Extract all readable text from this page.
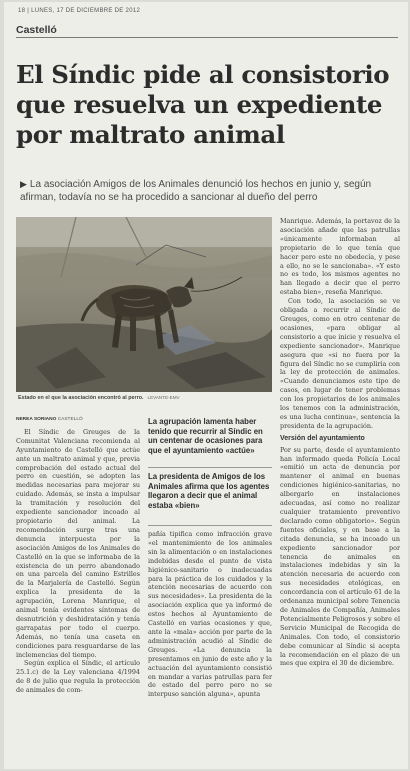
18 | LUNES, 17 DE DICIEMBRE DE 2012
Castelló
El Síndic pide al consistorio
que resuelva un expediente
por maltrato animal
▶ La asociación Amigos de los Animales denunció los hechos en junio y, según afirman, todavía no se ha procedido a sancionar al dueño del perro
Estado en el que la asociación encontró al perro. LEVANTE-EMV
NEREA SORIANO CASTELLÓ

El Síndic de Greuges de la Comunitat Valenciana recomienda al Ayuntamiento de Castelló que actúe ante un maltrato animal y que, previa comprobación del estado actual del perro en cuestión, se adopten las medidas necesarias para mejorar su cuidado. Además, se insta a impulsar la tramitación y resolución del expediente sancionador incoado al propietario del animal. La recomendación surge tras una denuncia interpuesta por la asociación Amigos de los Animales de Castelló en la que se informaba de la existencia de un perro abandonado en una parcela del camino Estrilles de la Marjalería de Castelló. Según explica la presidenta de la agrupación, Lorena Manrique, el animal tenía evidentes síntomas de desnutrición y deshidratación y tenía garrapatas por todo el cuerpo. Además, no tenía una caseta en condiciones para resguardarse de las inclemencias del tiempo.

Según explica el Síndic, el artículo 25.1.c) de la Ley valenciana 4/1994 de 8 de julio que regula la protección de animales de com-

La agrupación lamenta haber tenido que recurrir al Síndic en un centenar de ocasiones para que el ayuntamiento «actúe»
La presidenta de Amigos de los Animales afirma que los agentes llegaron a decir que el animal estaba «bien»

pañía tipifica como infracción grave «el mantenimiento de los animales sin la alimentación o en instalaciones indebidas desde el punto de vista higiénico-sanitario o inadecuadas para la práctica de los cuidados y la atención necesarias de acuerdo con sus necesidades». La presidenta de la asociación explica que ya informó de estos hechos al Ayuntamiento de Castelló en varias ocasiones y que, ante la «mala» acción por parte de la administración acudió al Síndic de Greuges. «La denuncia la presentamos en junio de este año y la actuación del ayuntamiento consistió en mandar a varias patrullas para fer de estado del perro pero no se interpuso sanción alguna», apunta

Manrique. Además, la portavoz de la asociación añade que las patrullas «únicamente informaban al propietario de lo que tenía que hacer pero este no obedecía, y pese a ello, no se le sancionaba». «Y esto no es todo, los mismos agentes no han llegado a decir que el perro estaba bien», reseña Manrique.

Con todo, la asociación se ve obligada a recurrir al Síndic de Greuges, como en otro centenar de ocasiones, «para obligar al consistorio a que inicie y resuelva el expediente sancionador». Manrique asegura que «si no fuera por la figura del Síndic no se cumpliría con la ley de protección de animales. «Cuando denunciamos este tipo de casos, en lugar de tener problemas con los propietarios de los animales los tenemos con la administración, es una lucha continua», sentencia la presidenta de la agrupación.

Versión del ayuntamiento

Por su parte, desde el ayuntamiento han informado queda Policía Local «emitió un acta de denuncia por mantener el animal en buenas condiciones higiénico-sanitarias, no albergarlo en instalaciones adecuadas, así como no realizar cualquier tratamiento preventivo declarado como obligatorio». Según fuentes oficiales, y en base a la citada denuncia, se ha incoado un expediente sancionador por tenencia de animales en instalaciones indebidas y sin la atención necesaria de acuerdo con sus necesidades etológicas, en concordancia con el artículo 61 de la ordenanza municipal sobre Tenencia de Animales de Compañía, Animales Potencialmente Peligrosos y sobre el Servicio Municipal de Recogida de Animales. Con todo, el consistorio debe comunicar al Síndic si acepta la recomendación en el plazo de un mes que expira el 30 de diciembre.
